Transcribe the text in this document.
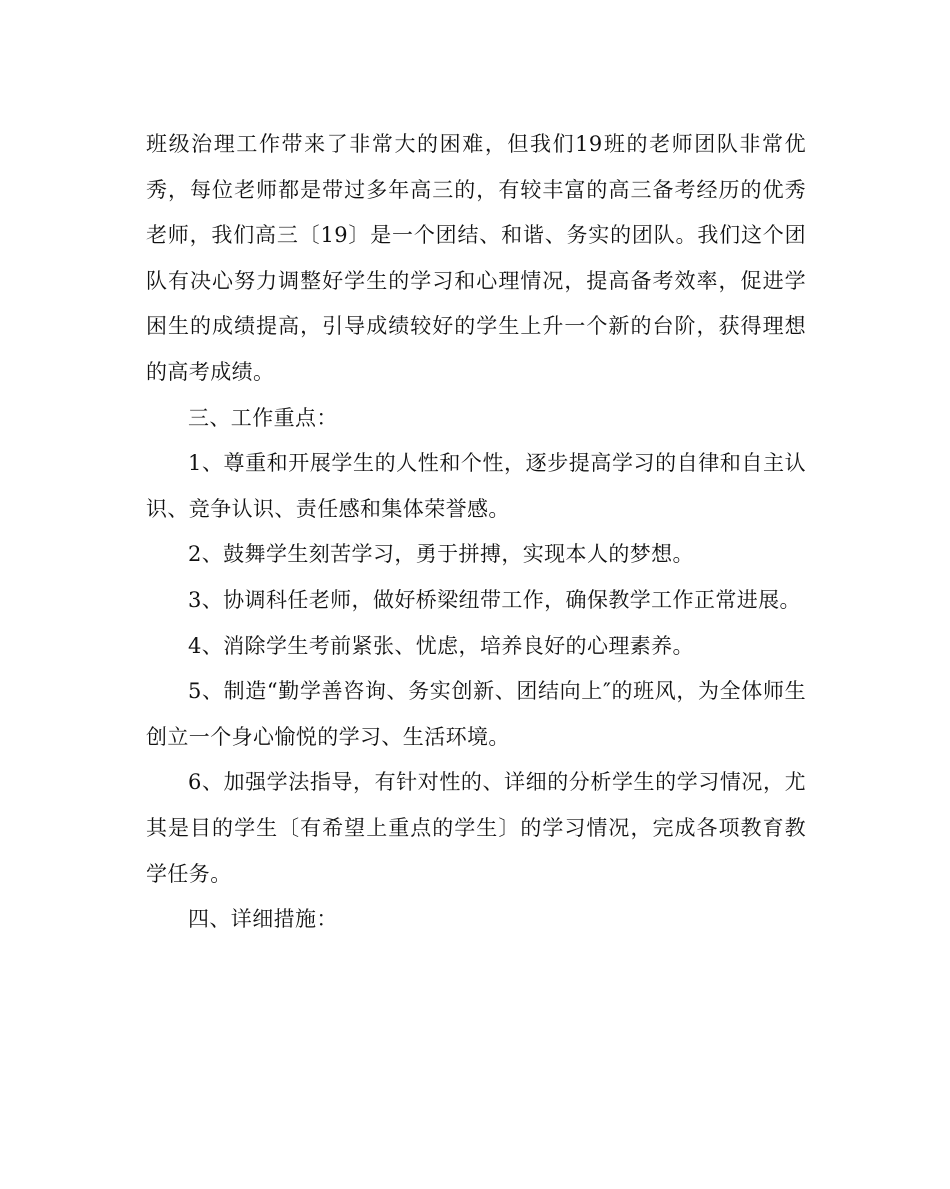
班级治理工作带来了非常大的困难，但我们19班的老师团队非常优秀，每位老师都是带过多年高三的，有较丰富的高三备考经历的优秀老师，我们高三〔19〕是一个团结、和谐、务实的团队。我们这个团队有决心努力调整好学生的学习和心理情况，提高备考效率，促进学困生的成绩提高，引导成绩较好的学生上升一个新的台阶，获得理想的高考成绩。

三、工作重点：

1、尊重和开展学生的人性和个性，逐步提高学习的自律和自主认识、竞争认识、责任感和集体荣誉感。

2、鼓舞学生刻苦学习，勇于拼搏，实现本人的梦想。

3、协调科任老师，做好桥梁纽带工作，确保教学工作正常进展。

4、消除学生考前紧张、忧虑，培养良好的心理素养。

5、制造“勤学善咨询、务实创新、团结向上″的班风，为全体师生创立一个身心愉悦的学习、生活环境。

6、加强学法指导，有针对性的、详细的分析学生的学习情况，尤其是目的学生〔有希望上重点的学生〕的学习情况，完成各项教育教学任务。

四、详细措施：
